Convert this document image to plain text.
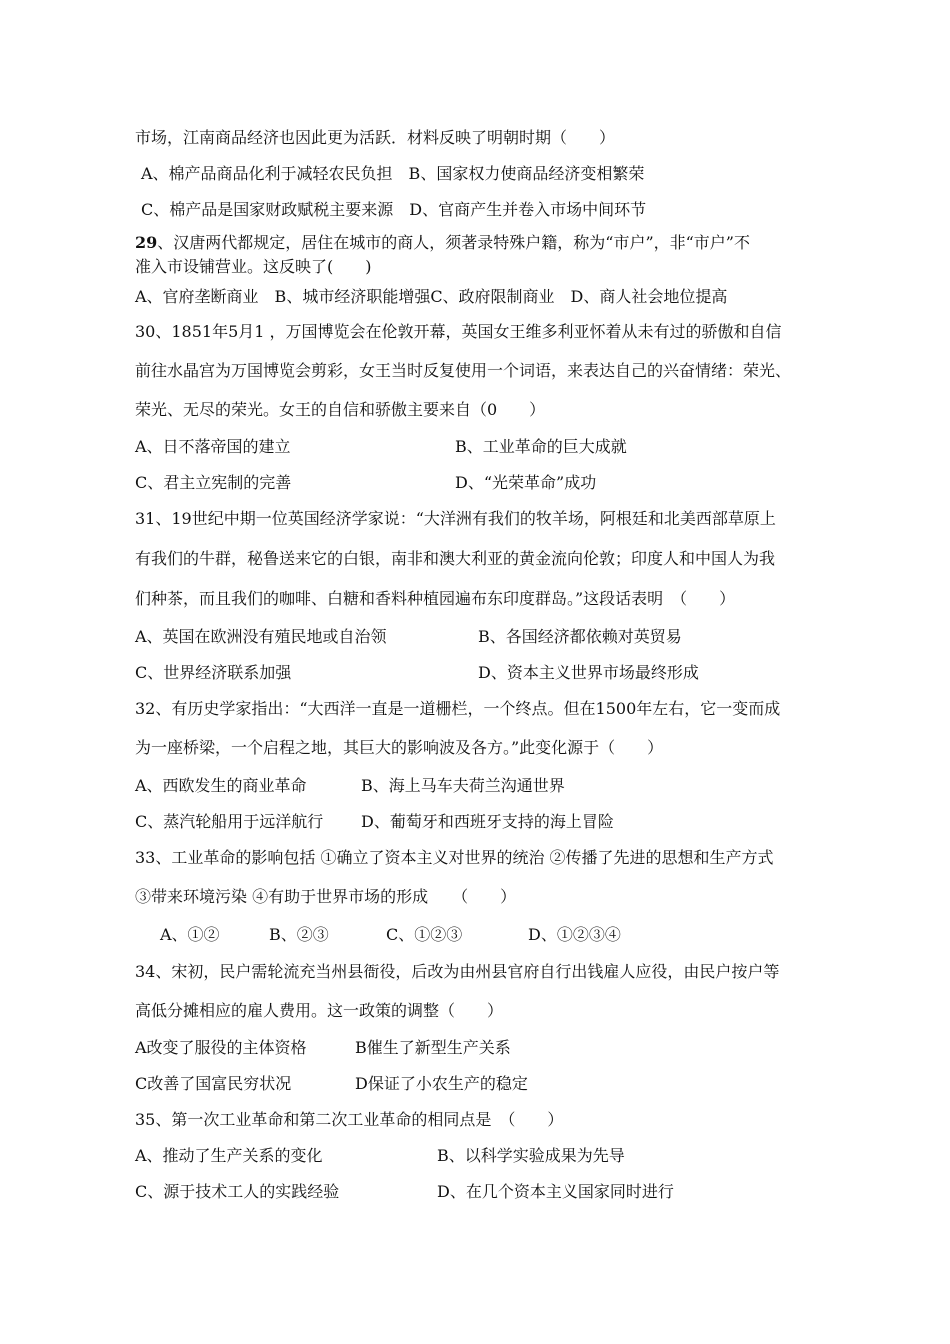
市场，江南商品经济也因此更为活跃．材料反映了明朝时期（　　）
A、棉产品商品化利于减轻农民负担　B、国家权力使商品经济变相繁荣
C、棉产品是国家财政赋税主要来源　D、官商产生并卷入市场中间环节
29、汉唐两代都规定，居住在城市的商人，须著录特殊户籍，称为“市户”，非“市户”不
准入市设铺营业。这反映了(　　)
A、官府垄断商业　B、城市经济职能增强C、政府限制商业　D、商人社会地位提高
30、1851年5月1 ，万国博览会在伦敦开幕，英国女王维多利亚怀着从未有过的骄傲和自信
前往水晶宫为万国博览会剪彩，女王当时反复使用一个词语，来表达自己的兴奋情绪：荣光、
荣光、无尽的荣光。女王的自信和骄傲主要来自（0　　）
A、日不落帝国的建立	B、工业革命的巨大成就
C、君主立宪制的完善	D、“光荣革命”成功
31、19世纪中期一位英国经济学家说：“大洋洲有我们的牧羊场，阿根廷和北美西部草原上
有我们的牛群，秘鲁送来它的白银，南非和澳大利亚的黄金流向伦敦；印度人和中国人为我
们种茶，而且我们的咖啡、白糖和香料种植园遍布东印度群岛。”这段话表明　（　　）
A、英国在欧洲没有殖民地或自治领	B、各国经济都依赖对英贸易
C、世界经济联系加强	D、资本主义世界市场最终形成
32、有历史学家指出：“大西洋一直是一道栅栏，一个终点。但在1500年左右，它一变而成
为一座桥梁，一个启程之地，其巨大的影响波及各方。”此变化源于（　　）
A、西欧发生的商业革命	B、海上马车夫荷兰沟通世界
C、蒸汽轮船用于远洋航行 D、葡萄牙和西班牙支持的海上冒险
33、工业革命的影响包括 ①确立了资本主义对世界的统治 ②传播了先进的思想和生产方式
③带来环境污染 ④有助于世界市场的形成　　（　　）
A、①②	B、②③	C、①②③	D、①②③④
34、宋初，民户需轮流充当州县衙役，后改为由州县官府自行出钱雇人应役，由民户按户等
高低分摊相应的雇人费用。这一政策的调整（　　）
A改变了服役的主体资格	B催生了新型生产关系
C改善了国富民穷状况	D保证了小农生产的稳定
35、第一次工业革命和第二次工业革命的相同点是　（　　）
A、推动了生产关系的变化	B、以科学实验成果为先导
C、源于技术工人的实践经验	D、在几个资本主义国家同时进行
